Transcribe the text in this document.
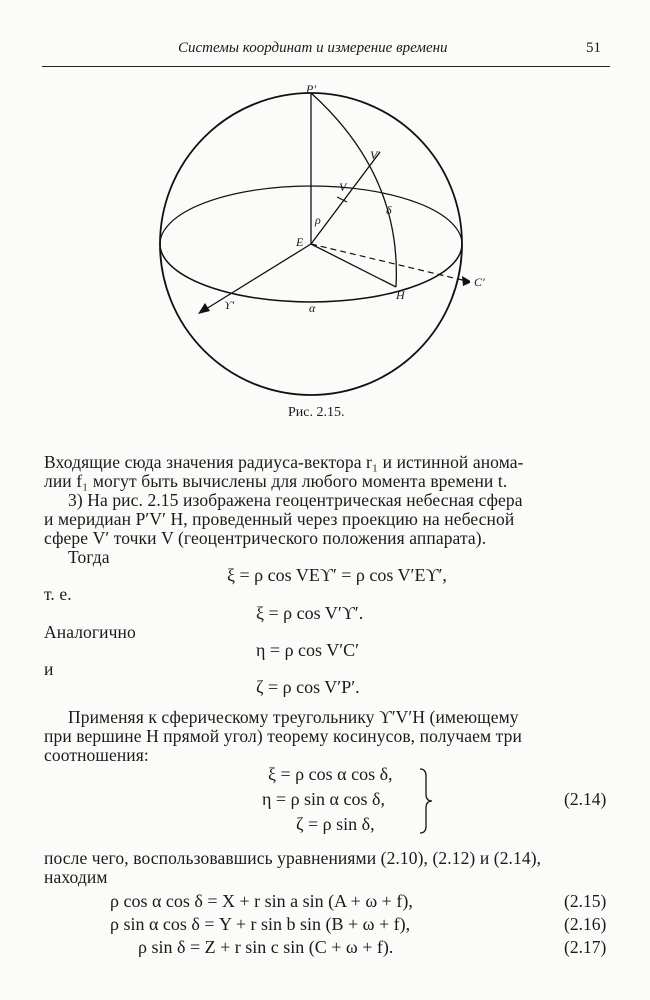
Системы координат и измерение времени	51
P'
V'
V
ρ
δ
E
C'
H
ϒ'	α
Рис. 2.15.
Входящие сюда значения радиуса-вектора r₁ и истинной анома-
лии f₁ могут быть вычислены для любого момента времени t.
3) На рис. 2.15 изображена геоцентрическая небесная сфера
и меридиан P′V′ H, проведенный через проекцию на небесной
сфере V′ точки V (геоцентрического положения аппарата).
Тогда
ξ = ρ cos VEϒ′ = ρ cos V′Eϒ′,
т. е.
ξ = ρ cos V′ϒ′.
Аналогично
η = ρ cos V′C′
и
ζ = ρ cos V′P′.
Применяя к сферическому треугольнику ϒ′V′H (имеющему
при вершине H прямой угол) теорему косинусов, получаем три
соотношения:
ξ = ρ cos α cos δ,
η = ρ sin α cos δ,
ζ = ρ sin δ,
(2.14)
после чего, воспользовавшись уравнениями (2.10), (2.12) и (2.14),
находим
ρ cos α cos δ = X + r sin a sin (A + ω + f),	(2.15)
ρ sin α cos δ = Y + r sin b sin (B + ω + f),	(2.16)
ρ sin δ = Z + r sin c sin (C + ω + f).	(2.17)
